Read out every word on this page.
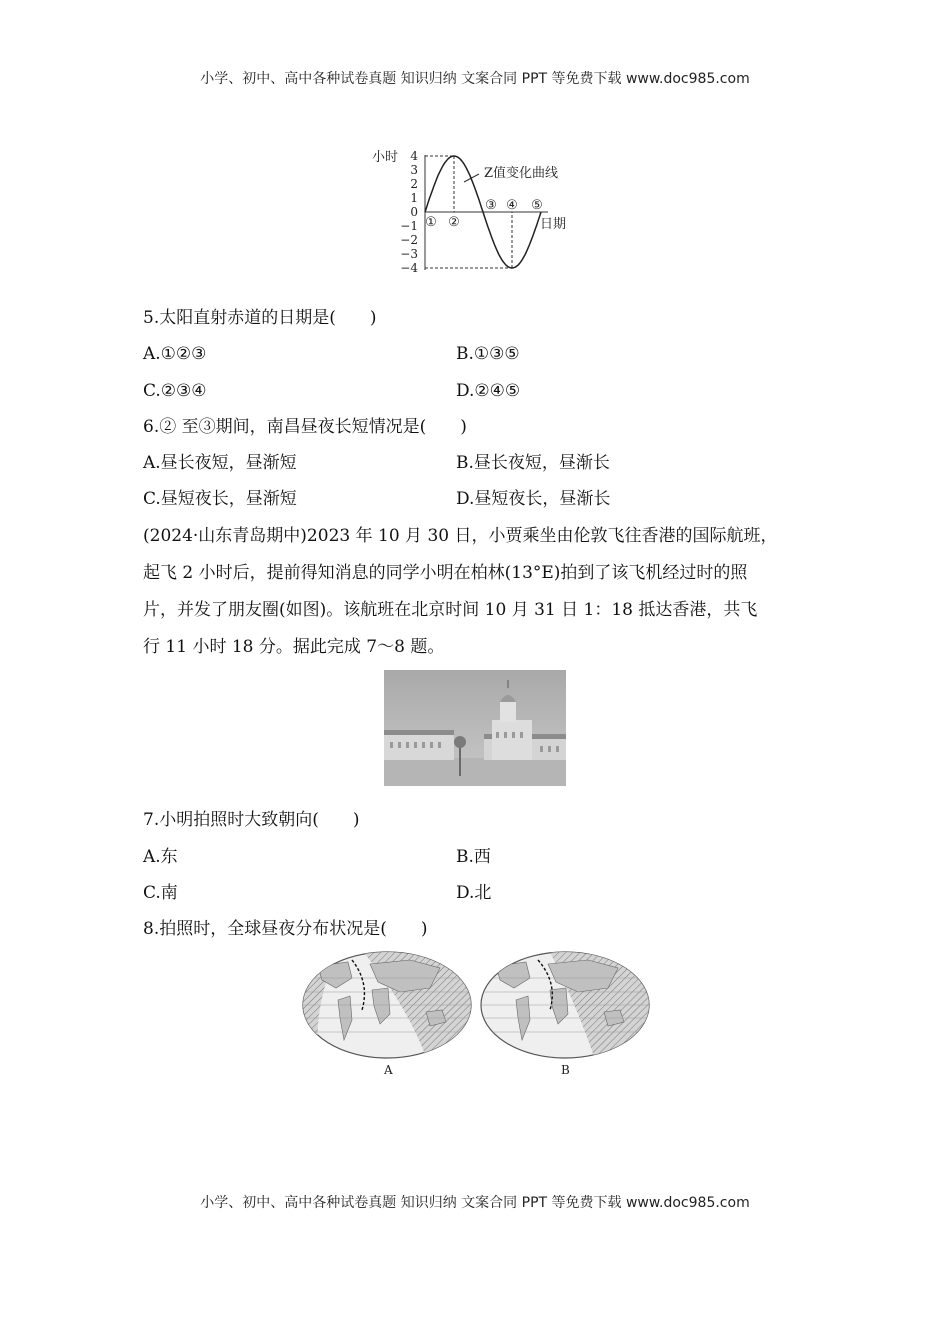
小学、初中、高中各种试卷真题 知识归纳 文案合同 PPT 等免费下载 www.doc985.com
小时
日期
Z值变化曲线
4
3
2
1
0
−1
−2
−3
−4
① ②
③ ④ ⑤
5.太阳直射赤道的日期是(　　)
A.①②③	B.①③⑤
C.②③④	D.②④⑤
6.② 至③期间，南昌昼夜长短情况是(　　)
A.昼长夜短，昼渐短	B.昼长夜短，昼渐长
C.昼短夜长，昼渐短	D.昼短夜长，昼渐长
(2024·山东青岛期中)2023 年 10 月 30 日，小贾乘坐由伦敦飞往香港的国际航班，
起飞 2 小时后，提前得知消息的同学小明在柏林(13°E)拍到了该飞机经过时的照
片，并发了朋友圈(如图)。该航班在北京时间 10 月 31 日 1：18 抵达香港，共飞
行 11 小时 18 分。据此完成 7～8 题。
7.小明拍照时大致朝向(　　)
A.东	B.西
C.南	D.北
8.拍照时，全球昼夜分布状况是(　　)
A	B
小学、初中、高中各种试卷真题 知识归纳 文案合同 PPT 等免费下载 www.doc985.com
